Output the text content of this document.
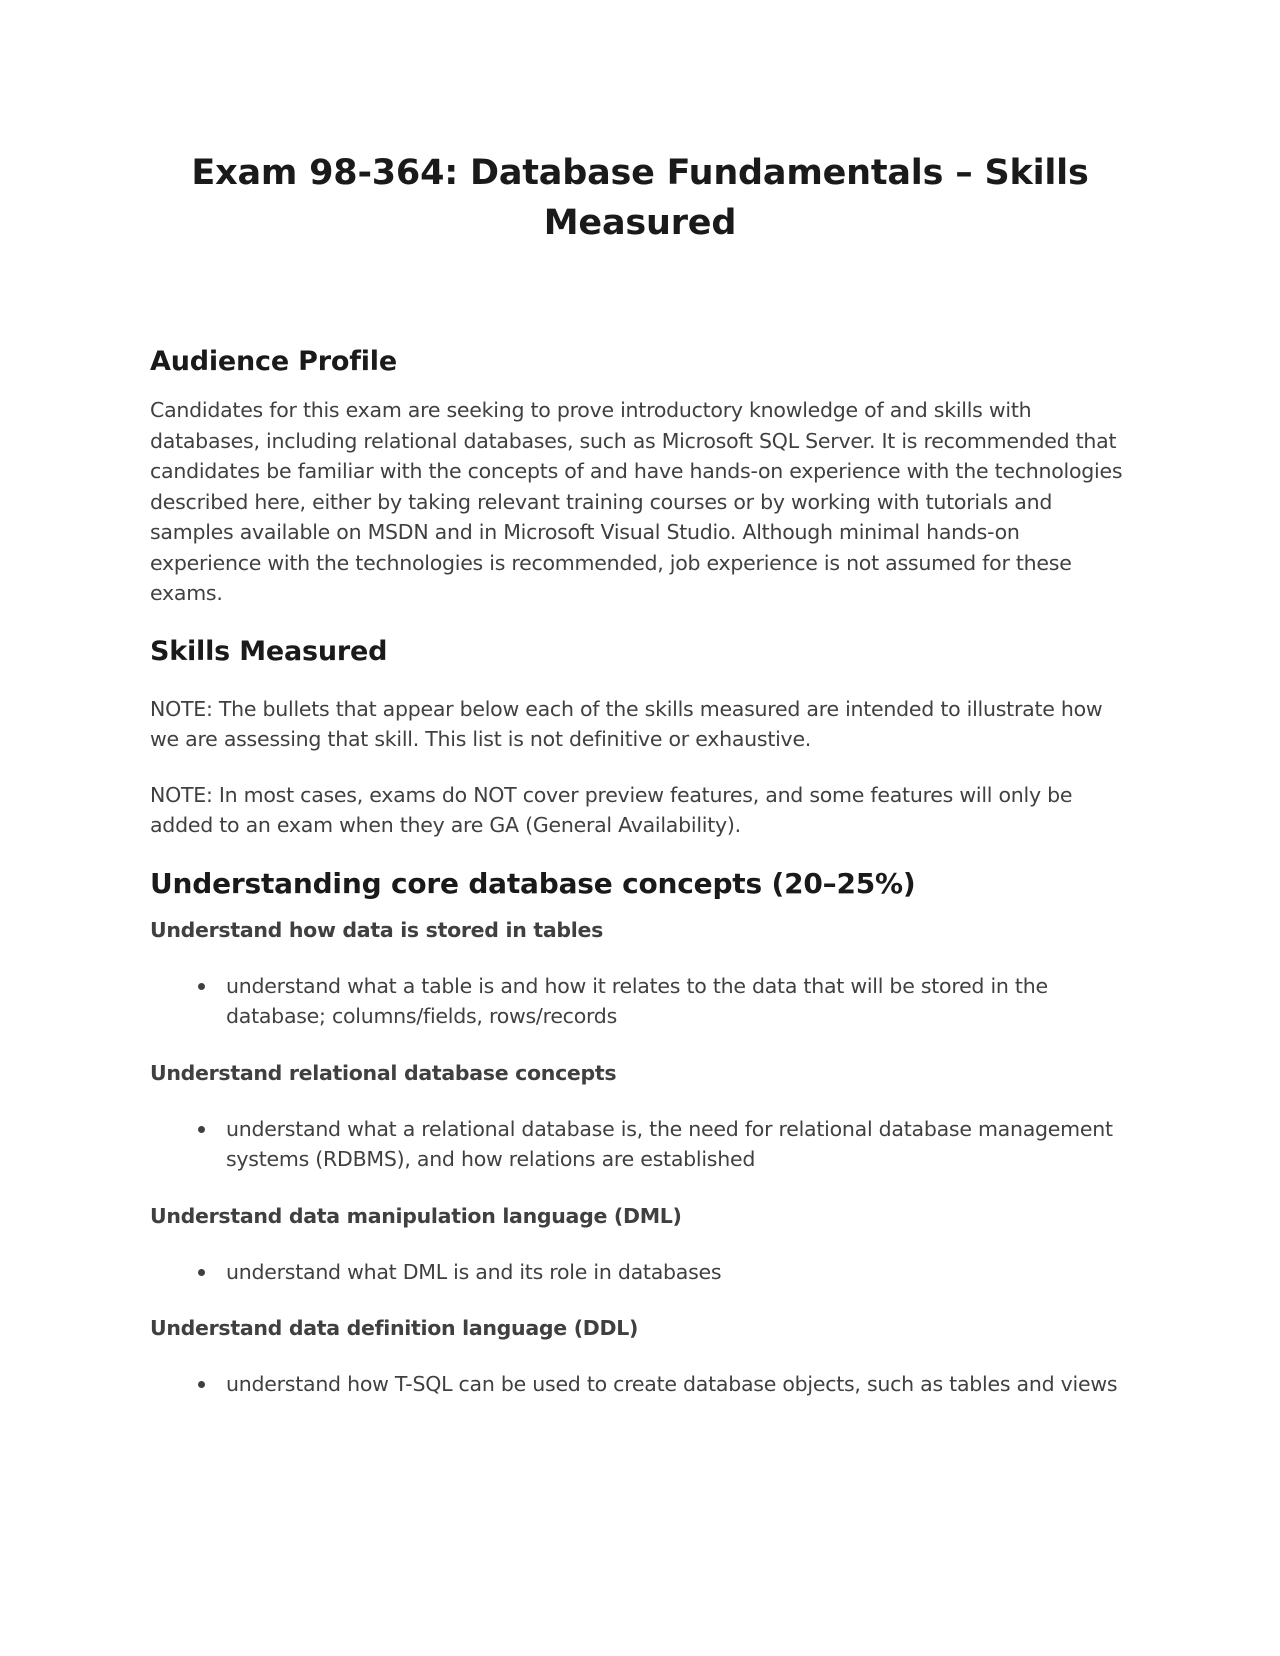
Exam 98-364: Database Fundamentals – Skills Measured
Audience Profile

Candidates for this exam are seeking to prove introductory knowledge of and skills with databases, including relational databases, such as Microsoft SQL Server. It is recommended that candidates be familiar with the concepts of and have hands-on experience with the technologies described here, either by taking relevant training courses or by working with tutorials and samples available on MSDN and in Microsoft Visual Studio. Although minimal hands-on experience with the technologies is recommended, job experience is not assumed for these exams.

Skills Measured

NOTE: The bullets that appear below each of the skills measured are intended to illustrate how we are assessing that skill. This list is not definitive or exhaustive.

NOTE: In most cases, exams do NOT cover preview features, and some features will only be added to an exam when they are GA (General Availability).

Understanding core database concepts (20–25%)
Understand how data is stored in tables
understand what a table is and how it relates to the data that will be stored in the database; columns/fields, rows/records
Understand relational database concepts
understand what a relational database is, the need for relational database management systems (RDBMS), and how relations are established
Understand data manipulation language (DML)
understand what DML is and its role in databases
Understand data definition language (DDL)
understand how T-SQL can be used to create database objects, such as tables and views
